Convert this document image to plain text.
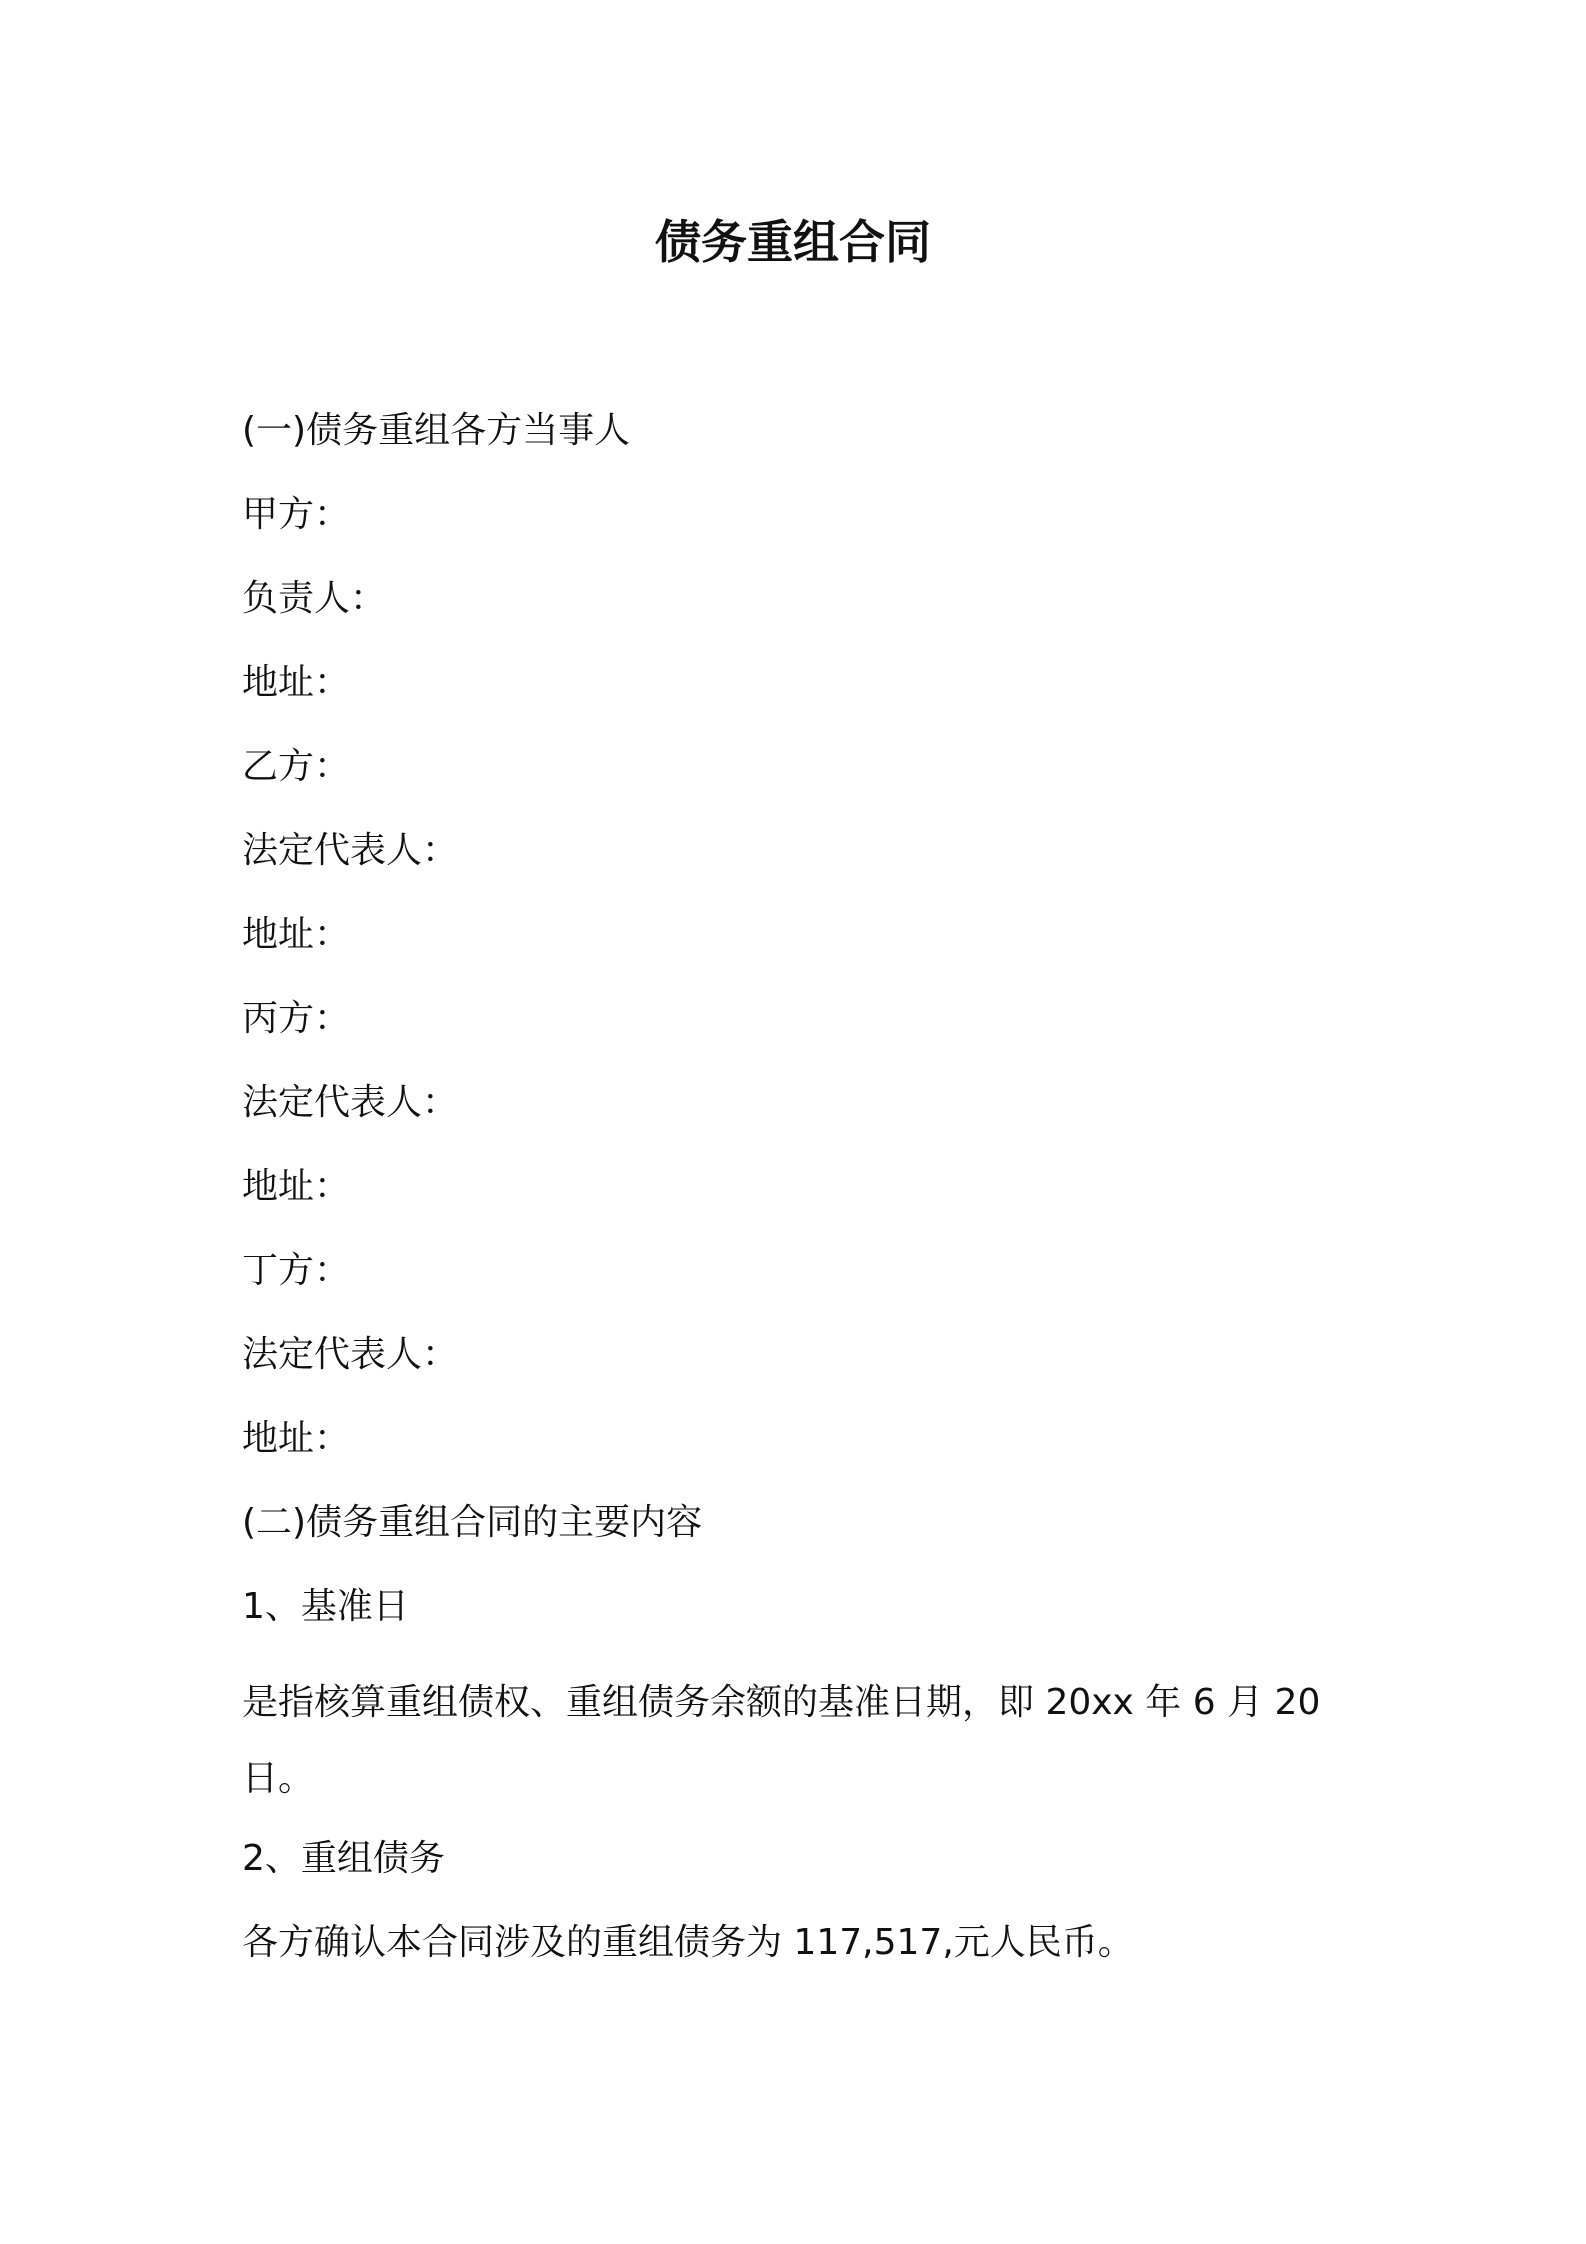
债务重组合同
(一)债务重组各方当事人
甲方：
负责人：
地址：
乙方：
法定代表人：
地址：
丙方：
法定代表人：
地址：
丁方：
法定代表人：
地址：
(二)债务重组合同的主要内容
1、基准日
是指核算重组债权、重组债务余额的基准日期，即 20xx 年 6 月 20 日。
2、重组债务
各方确认本合同涉及的重组债务为 117,517,元人民币。
